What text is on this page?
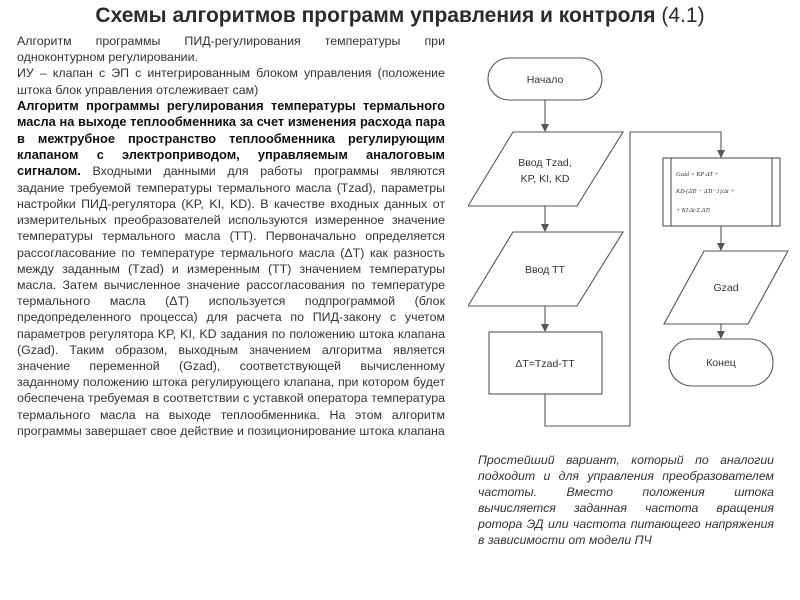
Схемы алгоритмов программ управления и контроля (4.1)

Алгоритм программы ПИД-регулирования температуры при одноконтурном регулировании.

ИУ – клапан с ЭП с интегрированным блоком управления (положение штока блок управления отслеживает сам)

Алгоритм программы регулирования температуры термального масла на выходе теплообменника за счет изменения расхода пара в межтрубное пространство теплообменника регулирующим клапаном с электроприводом, управляемым аналоговым сигналом. Входными данными для работы программы являются задание требуемой температуры термального масла (Tzad), параметры настройки ПИД-регулятора (KP, KI, KD). В качестве входных данных от измерительных преобразователей используются измеренное значение температуры термального масла (TT). Первоначально определяется рассогласование по температуре термального масла (ΔT) как разность между заданным (Tzad) и измеренным (TT) значением температуры масла. Затем вычисленное значение рассогласования по температуре термального масла (ΔT) используется подпрограммой (блок предопределенного процесса) для расчета по ПИД-закону с учетом параметров регулятора KP, KI, KD задания по положению штока клапана (Gzad). Таким образом, выходным значением алгоритма является значение переменной (Gzad), соответствующей вычисленному заданному положению штока регулирующего клапана, при котором будет обеспечена требуемая в соответствии с уставкой оператора температура термального масла на выходе теплообменника. На этом алгоритм программы завершает свое действие и позиционирование штока клапана

Начало
Ввод Tzad,
KP, KI, KD
Ввод TT
ΔT=Tzad-TT
Gzad = KP·ΔT +
KD·(ΔTi − ΔTi−1)/Δt +
+ KI·Δt·Σ ΔTi
Gzad
Конец
Простейший вариант, который по аналогии подходит и для управления преобразователем частоты. Вместо положения штока вычисляется заданная частота вращения ротора ЭД или частота питающего напряжения в зависимости от модели ПЧ
